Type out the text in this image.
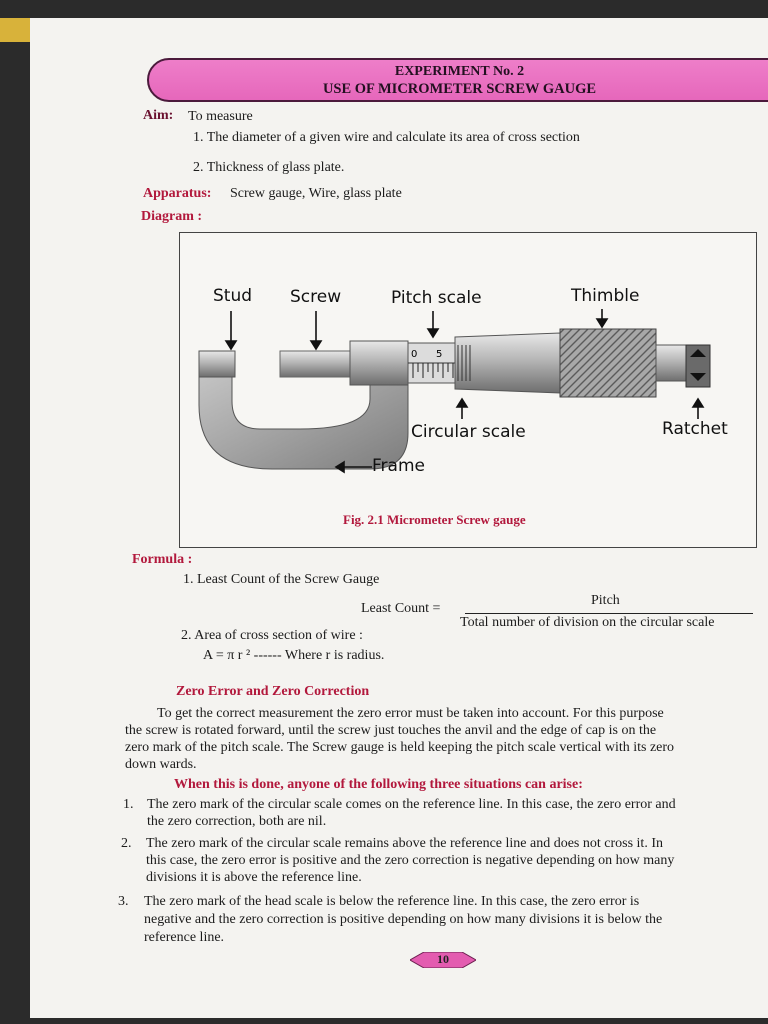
EXPERIMENT No. 2
USE OF MICROMETER SCREW GAUGE
Aim: To measure
1. The diameter of a given wire and calculate its area of cross section
2. Thickness of glass plate.
Apparatus: Screw gauge, Wire, glass plate
Diagram :
0 5
Stud Screw	Pitch scale	Thimble
Circular scale	Ratchet
Frame
Fig. 2.1 Micrometer Screw gauge
Formula :
1. Least Count of the Screw Gauge
Least Count =
Pitch
Total number of division on the circular scale
2. Area of cross section of wire :
A = π r ² ------ Where r is radius.
Zero Error and Zero Correction
To get the correct measurement the zero error must be taken into account. For this purpose
the screw is rotated forward, until the screw just touches the anvil and the edge of cap is on the
zero mark of the pitch scale. The Screw gauge is held keeping the pitch scale vertical with its zero
down wards.
When this is done, anyone of the following three situations can arise:
1. The zero mark of the circular scale comes on the reference line. In this case, the zero error and
the zero correction, both are nil.
2. The zero mark of the circular scale remains above the reference line and does not cross it. In
this case, the zero error is positive and the zero correction is negative depending on how many
divisions it is above the reference line.
3. The zero mark of the head scale is below the reference line. In this case, the zero error is
negative and the zero correction is positive depending on how many divisions it is below the
reference line.
10
